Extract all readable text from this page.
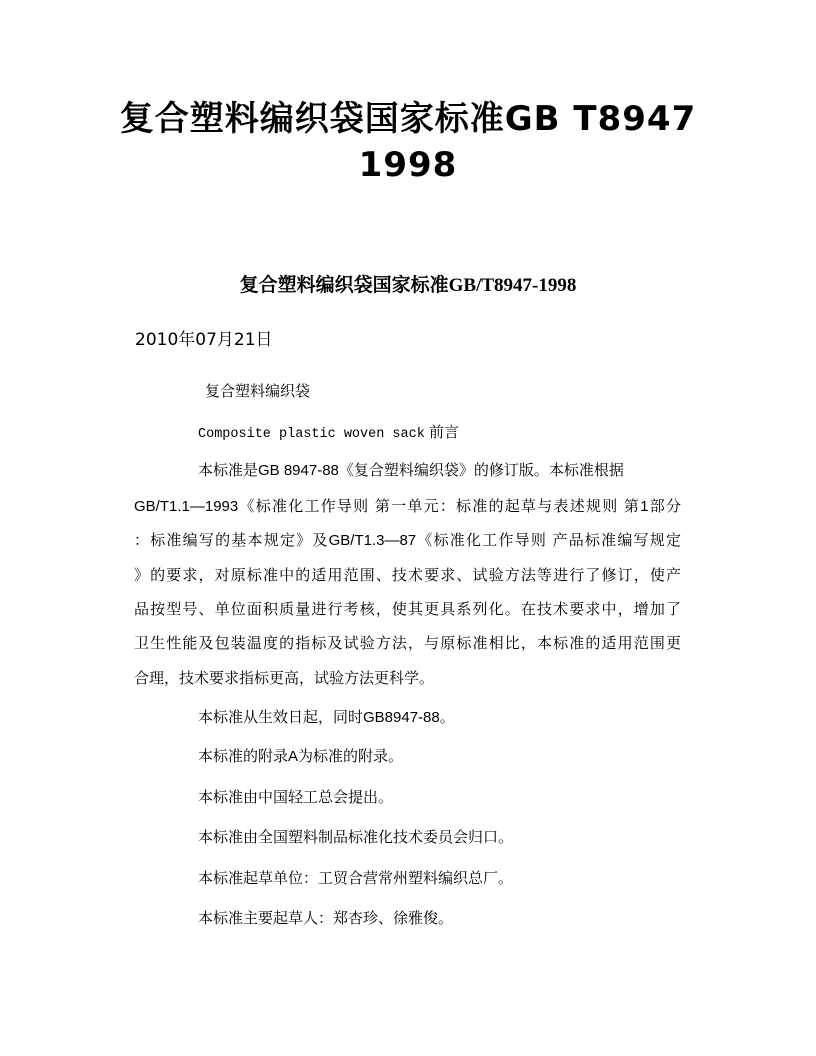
复合塑料编织袋国家标准GB T8947
1998
复合塑料编织袋国家标准GB/T8947-1998
2010年07月21日
复合塑料编织袋
Composite plastic woven sack 前言
本标准是GB 8947-88《复合塑料编织袋》的修订版。本标准根据
GB/T1.1—1993《标准化工作导则 第一单元：标准的起草与表述规则 第1部分
：标准编写的基本规定》及GB/T1.3—87《标准化工作导则 产品标准编写规定
》的要求，对原标准中的适用范围、技术要求、试验方法等进行了修订，使产
品按型号、单位面积质量进行考核，使其更具系列化。在技术要求中，增加了
卫生性能及包装温度的指标及试验方法，与原标准相比，本标准的适用范围更
合理，技术要求指标更高，试验方法更科学。
本标准从生效日起，同时GB8947-88。
本标准的附录A为标准的附录。
本标准由中国轻工总会提出。
本标准由全国塑料制品标准化技术委员会归口。
本标准起草单位：工贸合营常州塑料编织总厂。
本标准主要起草人：郑杏珍、徐雅俊。
